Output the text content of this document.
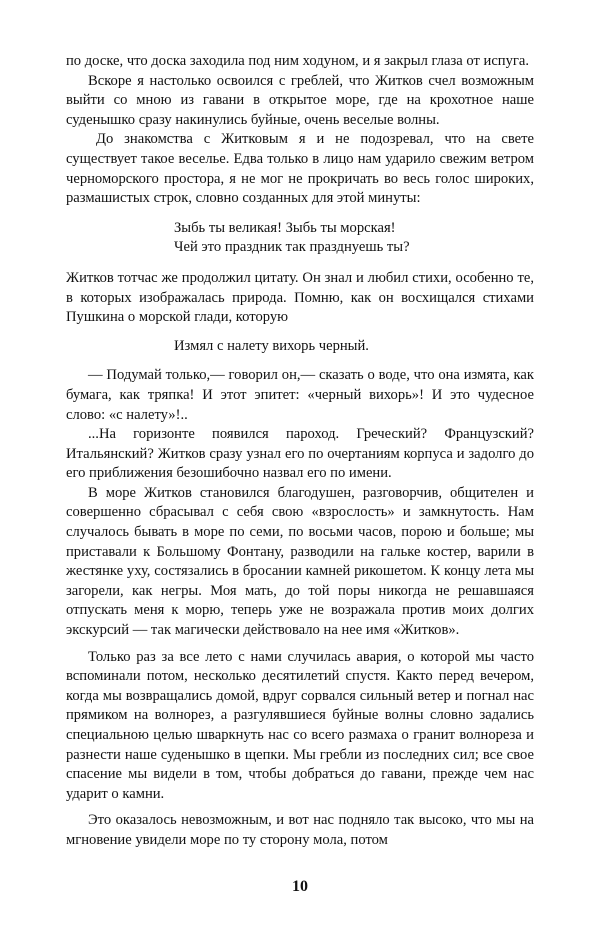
по доске, что доска заходила под ним ходуном, и я закрыл глаза от испуга.

Вскоре я настолько освоился с греблей, что Житков счел возможным выйти со мною из гавани в открытое море, где на крохотное наше суденышко сразу накинулись буйные, очень веселые волны.

До знакомства с Житковым я и не подозревал, что на свете существует такое веселье. Едва только в лицо нам ударило свежим ветром черноморского простора, я не мог не прокричать во весь голос широких, размашистых строк, словно созданных для этой минуты:

Зыбь ты великая! Зыбь ты морская!

Чей это праздник так празднуешь ты?

Житков тотчас же продолжил цитату. Он знал и любил стихи, особенно те, в которых изображалась природа. Помню, как он восхищался стихами Пушкина о морской глади, которую

Измял с налету вихорь черный.

— Подумай только,— говорил он,— сказать о воде, что она измята, как бумага, как тряпка! И этот эпитет: «черный вихорь»! И это чудесное слово: «с налету»!..

...На горизонте появился пароход. Греческий? Французский? Итальянский? Житков сразу узнал его по очертаниям корпуса и задолго до его приближения безошибочно назвал его по имени.

В море Житков становился благодушен, разговорчив, общителен и совершенно сбрасывал с себя свою «взрослость» и замкнутость. Нам случалось бывать в море по семи, по восьми часов, порою и больше; мы приставали к Большому Фонтану, разводили на гальке костер, варили в жестянке уху, состязались в бросании камней рикошетом. К концу лета мы загорели, как негры. Моя мать, до той поры никогда не решавшаяся отпускать меня к морю, теперь уже не возражала против моих долгих экскурсий — так магически действовало на нее имя «Житков».

Только раз за все лето с нами случилась авария, о которой мы часто вспоминали потом, несколько десятилетий спустя. Както перед вечером, когда мы возвращались домой, вдруг сорвался сильный ветер и погнал нас прямиком на волнорез, а разгулявшиеся буйные волны словно задались специальною целью шваркнуть нас со всего размаха о гранит волнореза и разнести наше суденышко в щепки. Мы гребли из последних сил; все свое спасение мы видели в том, чтобы добраться до гавани, прежде чем нас ударит о камни.

Это оказалось невозможным, и вот нас подняло так высоко, что мы на мгновение увидели море по ту сторону мола, потом

10
